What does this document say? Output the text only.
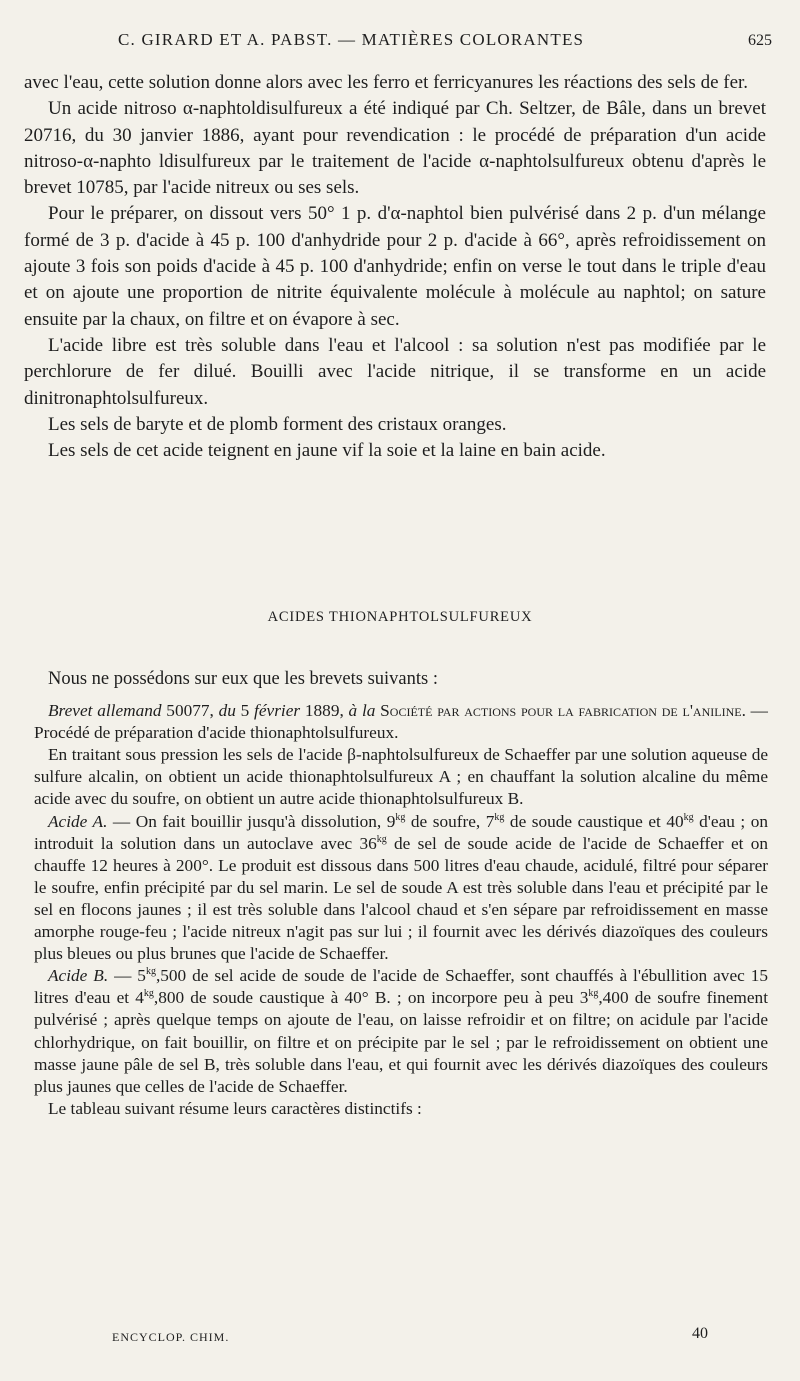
C. GIRARD ET A. PABST. — MATIÈRES COLORANTES	625

avec l'eau, cette solution donne alors avec les ferro et ferricyanures les réactions des sels de fer.

Un acide nitroso α-naphtoldisulfureux a été indiqué par Ch. Seltzer, de Bâle, dans un brevet 20716, du 30 janvier 1886, ayant pour revendication : le procédé de préparation d'un acide nitroso-α-naphto ldisulfureux par le traitement de l'acide α-naphtolsulfureux obtenu d'après le brevet 10785, par l'acide nitreux ou ses sels.

Pour le préparer, on dissout vers 50° 1 p. d'α-naphtol bien pulvérisé dans 2 p. d'un mélange formé de 3 p. d'acide à 45 p. 100 d'anhydride pour 2 p. d'acide à 66°, après refroidissement on ajoute 3 fois son poids d'acide à 45 p. 100 d'anhydride; enfin on verse le tout dans le triple d'eau et on ajoute une proportion de nitrite équivalente molécule à molécule au naphtol; on sature ensuite par la chaux, on filtre et on évapore à sec.

L'acide libre est très soluble dans l'eau et l'alcool : sa solution n'est pas modifiée par le perchlorure de fer dilué. Bouilli avec l'acide nitrique, il se transforme en un acide dinitronaphtolsulfureux.

Les sels de baryte et de plomb forment des cristaux oranges.

Les sels de cet acide teignent en jaune vif la soie et la laine en bain acide.

ACIDES THIONAPHTOLSULFUREUX

Nous ne possédons sur eux que les brevets suivants :

Brevet allemand 50077, du 5 février 1889, à la Société par actions pour la fabrication de l'aniline. — Procédé de préparation d'acide thionaphtolsulfureux.

En traitant sous pression les sels de l'acide β-naphtolsulfureux de Schaeffer par une solution aqueuse de sulfure alcalin, on obtient un acide thionaphtolsulfureux A ; en chauffant la solution alcaline du même acide avec du soufre, on obtient un autre acide thionaphtolsulfureux B.

Acide A. — On fait bouillir jusqu'à dissolution, $9^{kg}$ de soufre, $7^{kg}$ de soude caustique et $40^{kg}$ d'eau ; on introduit la solution dans un autoclave avec $36^{kg}$ de sel de soude acide de l'acide de Schaeffer et on chauffe 12 heures à 200°. Le produit est dissous dans 500 litres d'eau chaude, acidulé, filtré pour séparer le soufre, enfin précipité par du sel marin. Le sel de soude A est très soluble dans l'eau et précipité par le sel en flocons jaunes ; il est très soluble dans l'alcool chaud et s'en sépare par refroidissement en masse amorphe rouge-feu ; l'acide nitreux n'agit pas sur lui ; il fournit avec les dérivés diazoïques des couleurs plus bleues ou plus brunes que l'acide de Schaeffer.

Acide B. — $5^{kg},500$ de sel acide de soude de l'acide de Schaeffer, sont chauffés à l'ébullition avec 15 litres d'eau et $4^{kg},800$ de soude caustique à 40° B. ; on incorpore peu à peu $3^{kg},400$ de soufre finement pulvérisé ; après quelque temps on ajoute de l'eau, on laisse refroidir et on filtre; on acidule par l'acide chlorhydrique, on fait bouillir, on filtre et on précipite par le sel ; par le refroidissement on obtient une masse jaune pâle de sel B, très soluble dans l'eau, et qui fournit avec les dérivés diazoïques des couleurs plus jaunes que celles de l'acide de Schaeffer.

Le tableau suivant résume leurs caractères distinctifs :

ENCYCLOP. CHIM.	40
